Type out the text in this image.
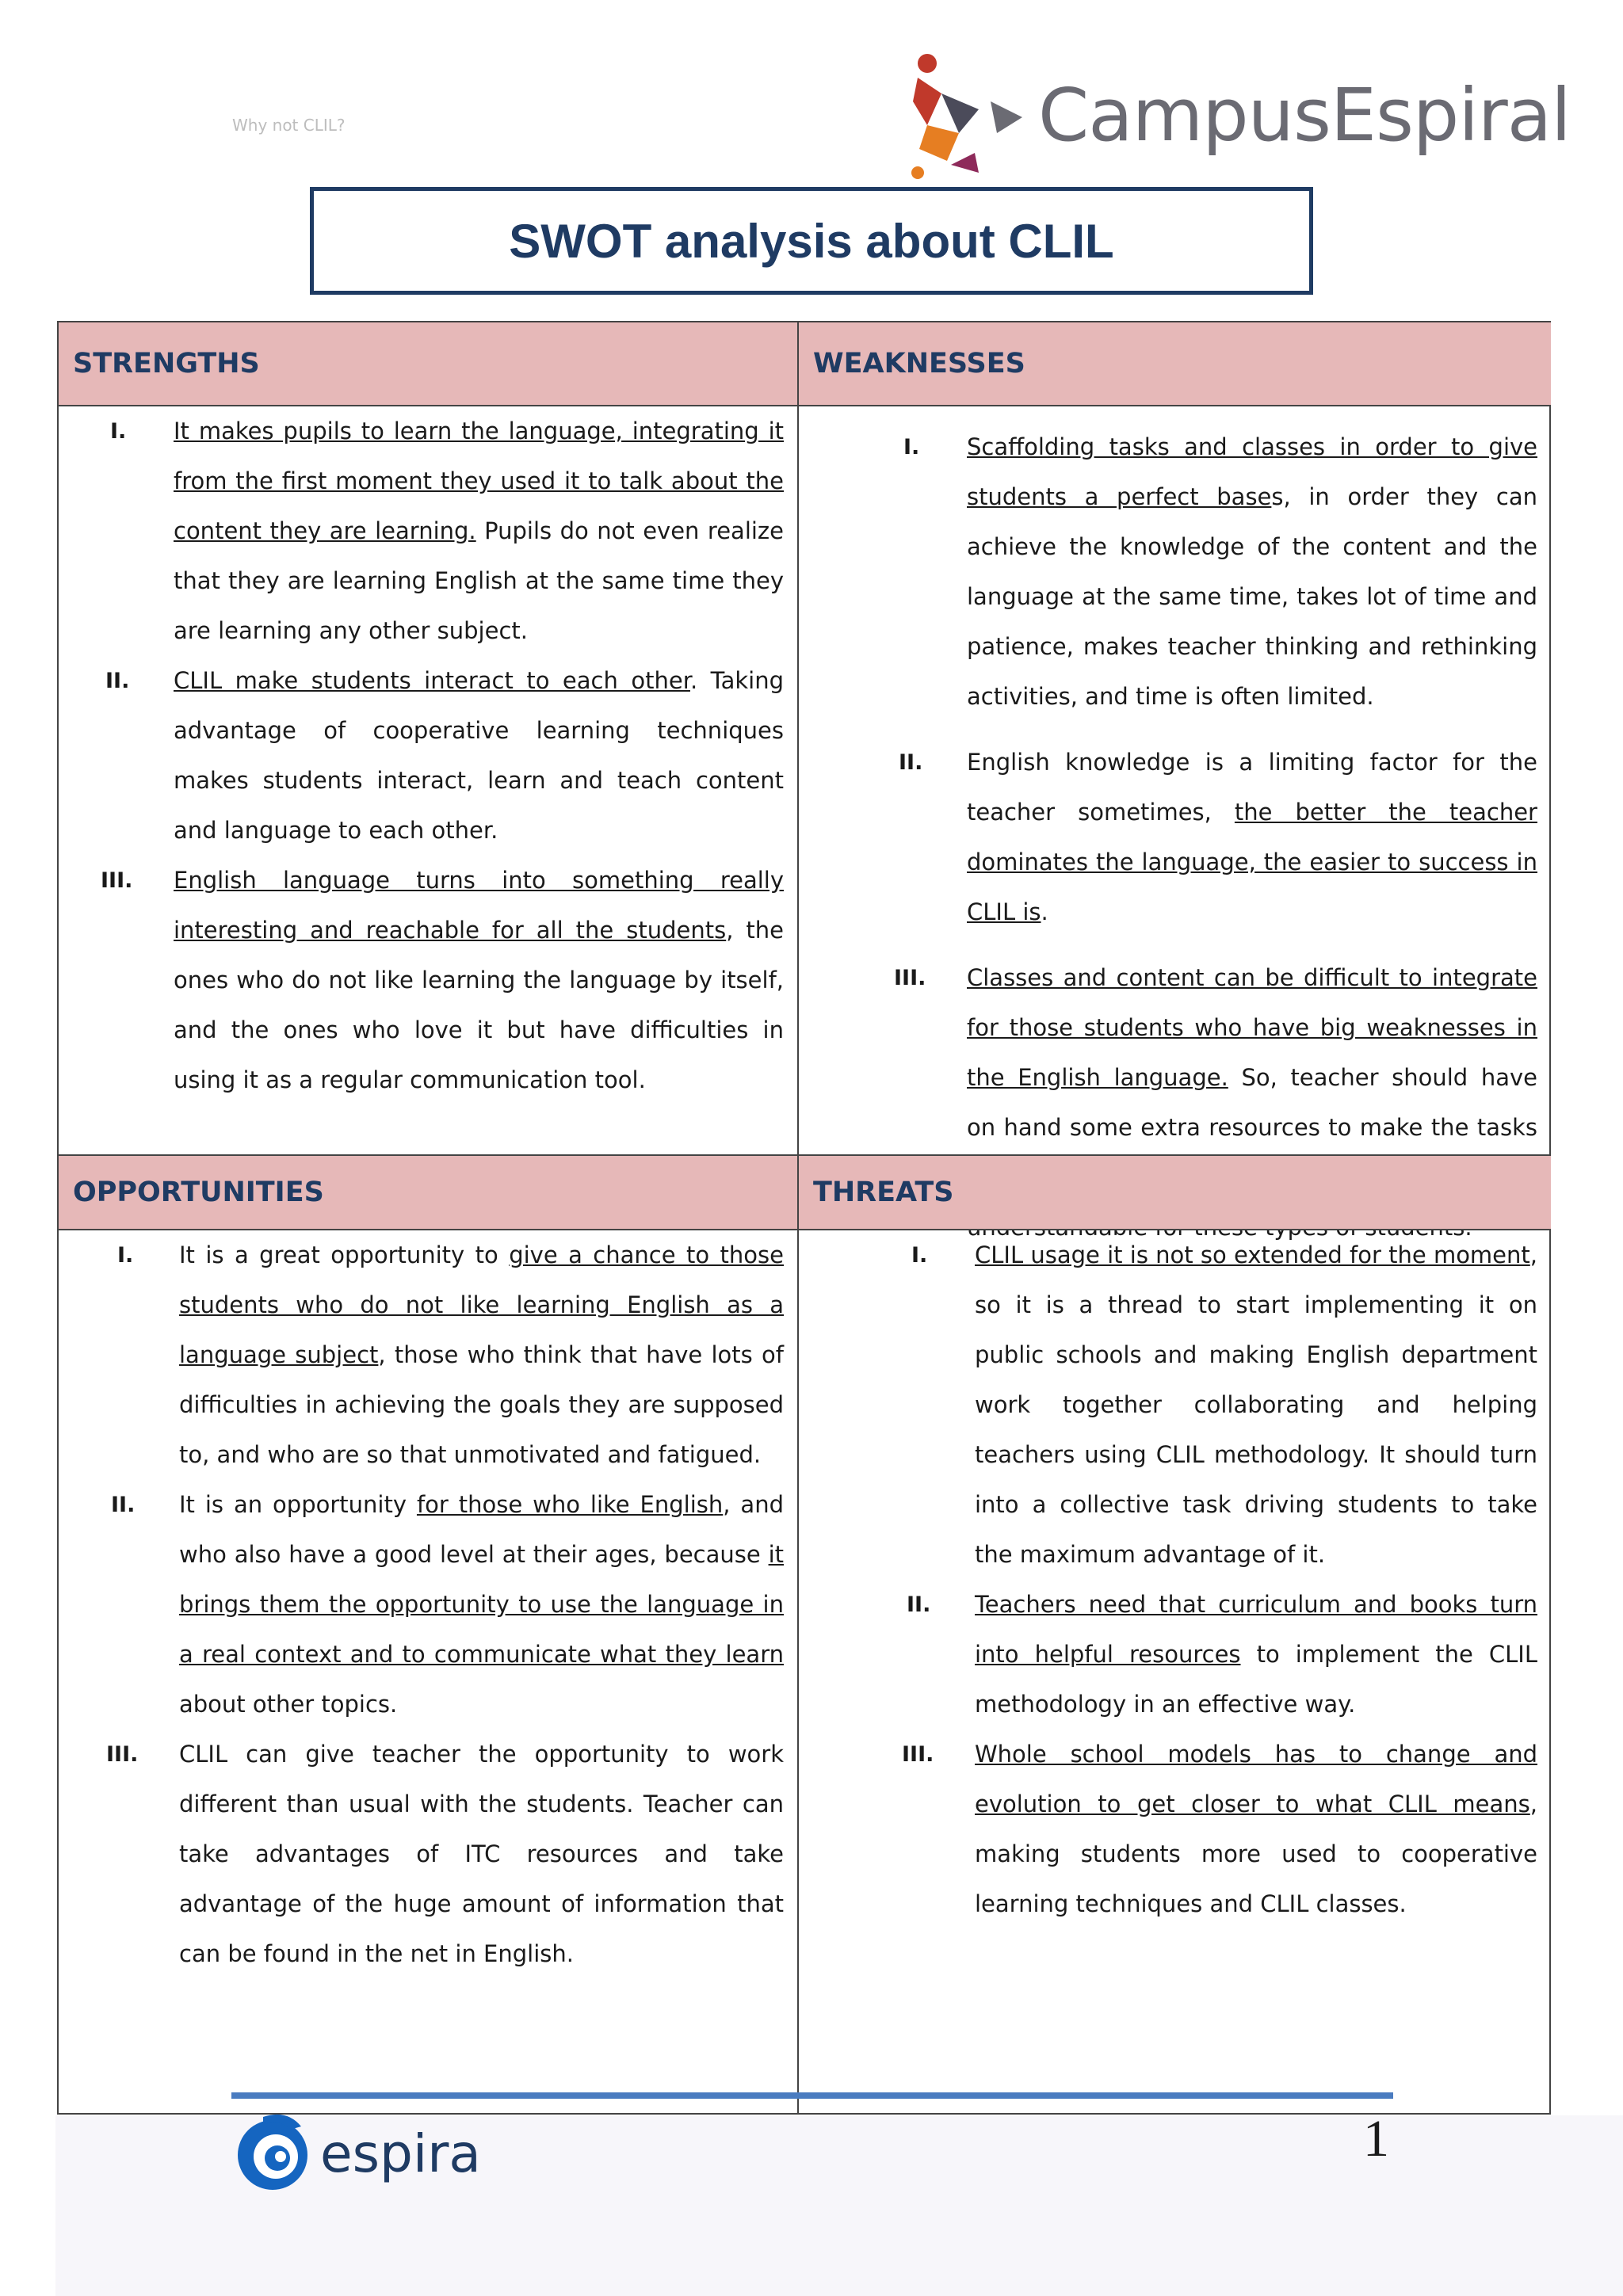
Why not CLIL?	CampusEspiral
SWOT analysis about CLIL
STRENGTHS	WEAKNESSES
I. It makes pupils to learn the language, integrating it from the first moment they used it to talk about the content they are learning. Pupils do not even realize that they are learning English at the same time they are learning any other subject.
II. CLIL make students interact to each other. Taking advantage of cooperative learning techniques makes students interact, learn and teach content and language to each other.
III. English language turns into something really interesting and reachable for all the students, the ones who do not like learning the language by itself, and the ones who love it but have difficulties in using it as a regular communication tool.
I. Scaffolding tasks and classes in order to give students a perfect bases, in order they can achieve the knowledge of the content and the language at the same time, takes lot of time and patience, makes teacher thinking and rethinking activities, and time is often limited.
II. English knowledge is a limiting factor for the teacher sometimes, the better the teacher dominates the language, the easier to success in CLIL is.
III. Classes and content can be difficult to integrate for those students who have big weaknesses in the English language. So, teacher should have on hand some extra resources to make the tasks
OPPORTUNITIES	THREATS
I. It is a great opportunity to give a chance to those students who do not like learning English as a language subject, those who think that have lots of difficulties in achieving the goals they are supposed to, and who are so that unmotivated and fatigued.
II. It is an opportunity for those who like English, and who also have a good level at their ages, because it brings them the opportunity to use the language in a real context and to communicate what they learn about other topics.
III. CLIL can give teacher the opportunity to work different than usual with the students. Teacher can take advantages of ITC resources and take advantage of the huge amount of information that can be found in the net in English.
I. CLIL usage it is not so extended for the moment, so it is a thread to start implementing it on public schools and making English department work together collaborating and helping teachers using CLIL methodology. It should turn into a collective task driving students to take the maximum advantage of it.
II. Teachers need that curriculum and books turn into helpful resources to implement the CLIL methodology in an effective way.
III. Whole school models has to change and evolution to get closer to what CLIL means, making students more used to cooperative learning techniques and CLIL classes.
espira	1
